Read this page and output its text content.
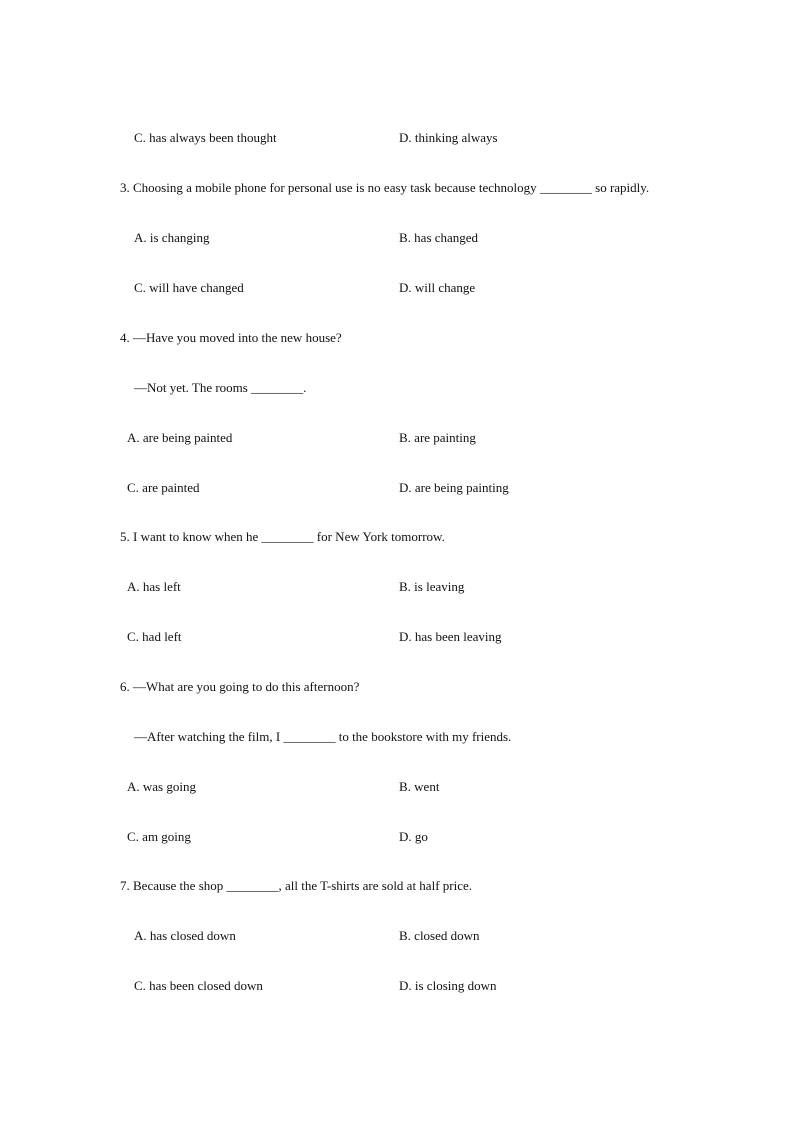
C. has always been thought	D. thinking always
3. Choosing a mobile phone for personal use is no easy task because technology ________ so rapidly.
A. is changing	B. has changed
C. will have changed	D. will change
4. —Have you moved into the new house?
—Not yet. The rooms ________.
A. are being painted	B. are painting
C. are painted	D. are being painting
5. I want to know when he ________ for New York tomorrow.
A. has left	B. is leaving
C. had left	D. has been leaving
6. —What are you going to do this afternoon?
—After watching the film, I ________ to the bookstore with my friends.
A. was going	B. went
C. am going	D. go
7. Because the shop ________, all the T-shirts are sold at half price.
A. has closed down	B. closed down
C. has been closed down	D. is closing down
